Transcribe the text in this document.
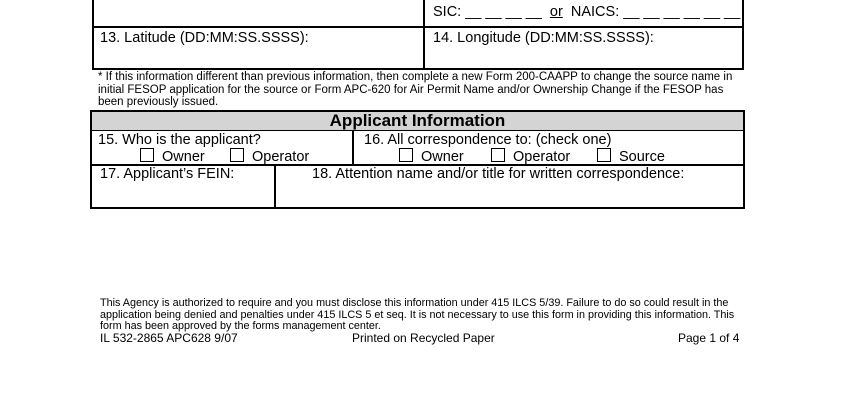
SIC: __ __ __ __ or NAICS: __ __ __ __ __ __
13. Latitude (DD:MM:SS.SSSS):	14. Longitude (DD:MM:SS.SSSS):
* If this information different than previous information, then complete a new Form 200-CAAPP to change the source name in initial FESOP application for the source or Form APC-620 for Air Permit Name and/or Ownership Change if the FESOP has been previously issued.
Applicant Information
15. Who is the applicant?
Owner	Operator
16. All correspondence to: (check one)
Owner	Operator	Source
17. Applicant’s FEIN:	18. Attention name and/or title for written correspondence:
This Agency is authorized to require and you must disclose this information under 415 ILCS 5/39. Failure to do so could result in the application being denied and penalties under 415 ILCS 5 et seq. It is not necessary to use this form in providing this information. This form has been approved by the forms management center.
IL 532-2865 APC628 9/07	Printed on Recycled Paper	Page 1 of 4
